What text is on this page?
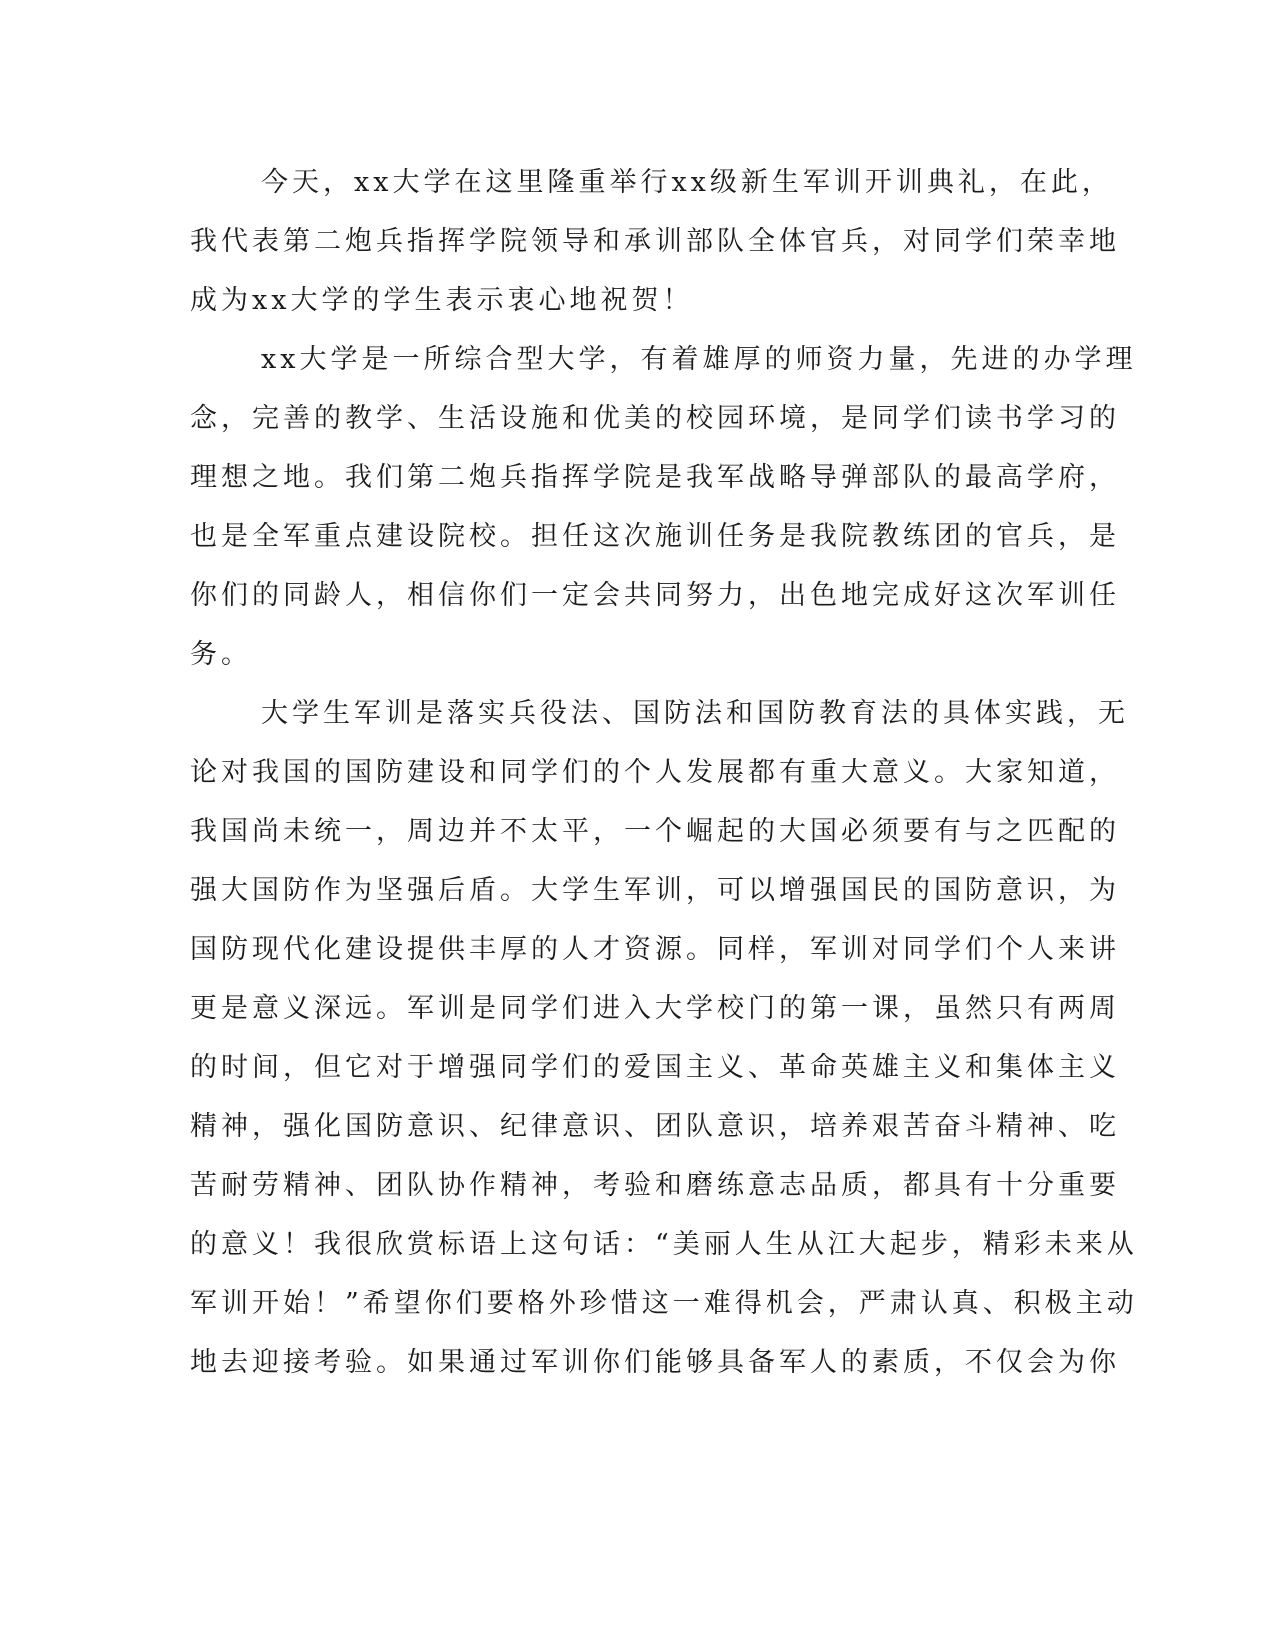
今天，xx大学在这里隆重举行xx级新生军训开训典礼，在此，
我代表第二炮兵指挥学院领导和承训部队全体官兵，对同学们荣幸地
成为xx大学的学生表示衷心地祝贺！
xx大学是一所综合型大学，有着雄厚的师资力量，先进的办学理
念，完善的教学、生活设施和优美的校园环境，是同学们读书学习的
理想之地。我们第二炮兵指挥学院是我军战略导弹部队的最高学府，
也是全军重点建设院校。担任这次施训任务是我院教练团的官兵，是
你们的同龄人，相信你们一定会共同努力，出色地完成好这次军训任
务。
大学生军训是落实兵役法、国防法和国防教育法的具体实践，无
论对我国的国防建设和同学们的个人发展都有重大意义。大家知道，
我国尚未统一，周边并不太平，一个崛起的大国必须要有与之匹配的
强大国防作为坚强后盾。大学生军训，可以增强国民的国防意识，为
国防现代化建设提供丰厚的人才资源。同样，军训对同学们个人来讲
更是意义深远。军训是同学们进入大学校门的第一课，虽然只有两周
的时间，但它对于增强同学们的爱国主义、革命英雄主义和集体主义
精神，强化国防意识、纪律意识、团队意识，培养艰苦奋斗精神、吃
苦耐劳精神、团队协作精神，考验和磨练意志品质，都具有十分重要
的意义！我很欣赏标语上这句话：“美丽人生从江大起步，精彩未来从
军训开始！”希望你们要格外珍惜这一难得机会，严肃认真、积极主动
地去迎接考验。如果通过军训你们能够具备军人的素质，不仅会为你
